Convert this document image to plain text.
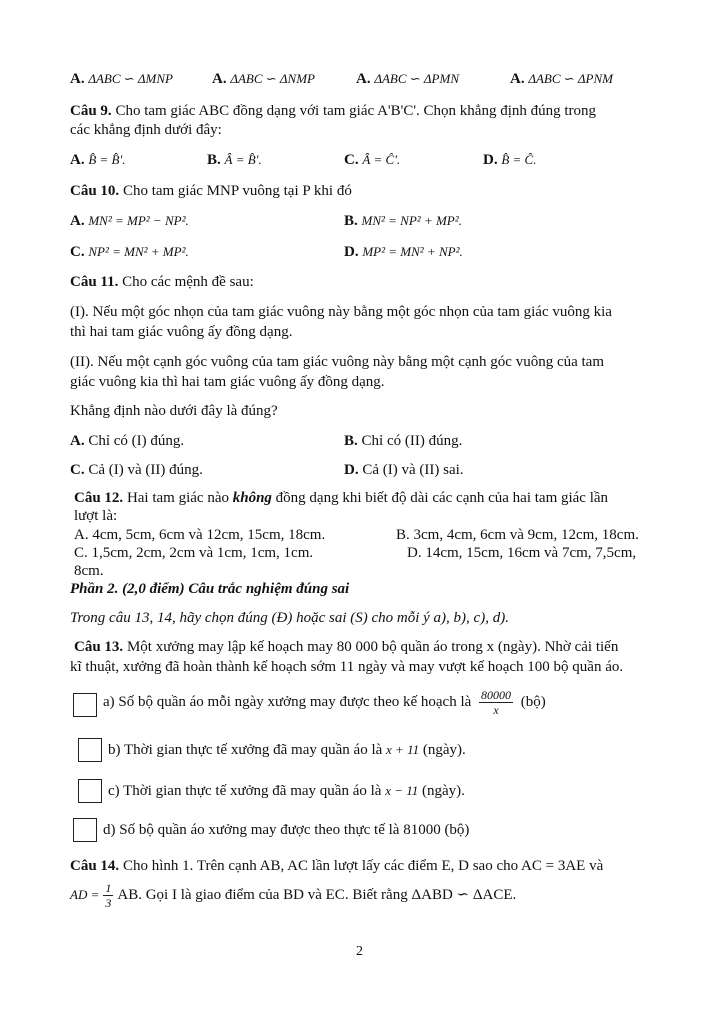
A. ΔABC ∽ ΔMNP	A. ΔABC ∽ ΔNMP	A. ΔABC ∽ ΔPMN	A. ΔABC ∽ ΔPNM
Câu 9. Cho tam giác ABC đồng dạng với tam giác A'B'C'. Chọn khẳng định đúng trong
các khẳng định dưới đây:
A. B̂ = B̂'.	B. Â = B̂'.	C. Â = Ĉ'.	D. B̂ = Ĉ.
Câu 10. Cho tam giác MNP vuông tại P khi đó
A. MN² = MP² − NP².	B. MN² = NP² + MP².
C. NP² = MN² + MP².	D. MP² = MN² + NP².
Câu 11. Cho các mệnh đề sau:
(I). Nếu một góc nhọn của tam giác vuông này bằng một góc nhọn của tam giác vuông kia
thì hai tam giác vuông ấy đồng dạng.
(II). Nếu một cạnh góc vuông của tam giác vuông này bằng một cạnh góc vuông của tam
giác vuông kia thì hai tam giác vuông ấy đồng dạng.
Khẳng định nào dưới đây là đúng?
A. Chỉ có (I) đúng.	B. Chỉ có (II) đúng.
C. Cả (I) và (II) đúng.	D. Cả (I) và (II) sai.
Câu 12. Hai tam giác nào không đồng dạng khi biết độ dài các cạnh của hai tam giác lần
lượt là:
A. 4cm, 5cm, 6cm và 12cm, 15cm, 18cm.	B. 3cm, 4cm, 6cm và 9cm, 12cm, 18cm.
C. 1,5cm, 2cm, 2cm và 1cm, 1cm, 1cm.	D. 14cm, 15cm, 16cm và 7cm, 7,5cm,
8cm.
Phần 2. (2,0 điểm) Câu trắc nghiệm đúng sai
Trong câu 13, 14, hãy chọn đúng (Đ) hoặc sai (S) cho mỗi ý a), b), c), d).
Câu 13. Một xưởng may lập kế hoạch may 80 000 bộ quần áo trong x (ngày). Nhờ cải tiến
kĩ thuật, xưởng đã hoàn thành kế hoạch sớm 11 ngày và may vượt kế hoạch 100 bộ quần áo.
a) Số bộ quần áo mỗi ngày xưởng may được theo kế hoạch là $\frac{80000}{x}$ (bộ)
b) Thời gian thực tế xưởng đã may quần áo là x + 11 (ngày).
c) Thời gian thực tế xưởng đã may quần áo là x − 11 (ngày).
d) Số bộ quần áo xưởng may được theo thực tế là 81000 (bộ)
Câu 14. Cho hình 1. Trên cạnh AB, AC lần lượt lấy các điểm E, D sao cho AC = 3AE và
AD = $\frac{1}{3}$ AB. Gọi I là giao điểm của BD và EC. Biết rằng ΔABD ∽ ΔACE.
2
